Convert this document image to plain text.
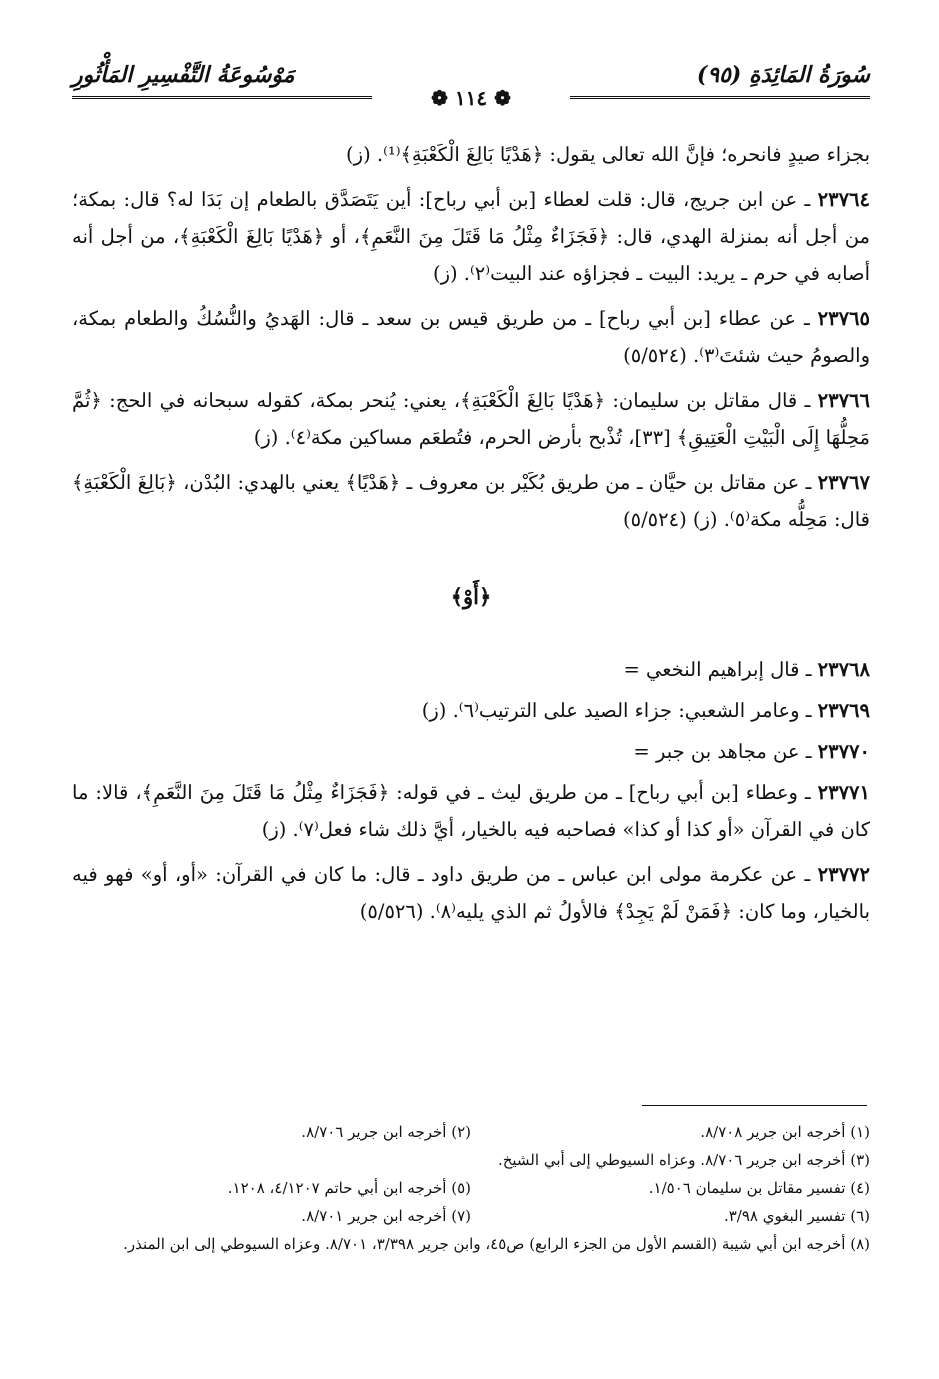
سُورَةُ المَائِدَةِ (٩٥)
مَوْسُوعَةُ التَّفْسِيرِ المَأْثُورِ
❁ ١١٤ ❁

بجزاء صيدٍ فانحره؛ فإنَّ الله تعالى يقول: ﴿هَدْيًا بَالِغَ الْكَعْبَةِ﴾⁽¹⁾. (ز)

٢٣٧٦٤ ـ عن ابن جريج، قال: قلت لعطاء [بن أبي رباح]: أين يَتَصَدَّق بالطعام إن بَدَا له؟ قال: بمكة؛ من أجل أنه بمنزلة الهدي، قال: ﴿فَجَزَاءٌ مِثْلُ مَا قَتَلَ مِنَ النَّعَمِ﴾، أو ﴿هَدْيًا بَالِغَ الْكَعْبَةِ﴾، من أجل أنه أصابه في حرم ـ يريد: البيت ـ فجزاؤه عند البيت⁽٢⁾. (ز)

٢٣٧٦٥ ـ عن عطاء [بن أبي رباح] ـ من طريق قيس بن سعد ـ قال: الهَديُ والنُّسُكُ والطعام بمكة، والصومُ حيث شئتَ⁽٣⁾. (٥/٥٢٤)

٢٣٧٦٦ ـ قال مقاتل بن سليمان: ﴿هَدْيًا بَالِغَ الْكَعْبَةِ﴾، يعني: يُنحر بمكة، كقوله سبحانه في الحج: ﴿ثُمَّ مَحِلُّهَا إِلَى الْبَيْتِ الْعَتِيقِ﴾ [٣٣]، تُذْبح بأرض الحرم، فتُطعَم مساكين مكة⁽٤⁾. (ز)

٢٣٧٦٧ ـ عن مقاتل بن حيَّان ـ من طريق بُكَيْر بن معروف ـ ﴿هَدْيًا﴾ يعني بالهدي: البُدْن، ﴿بَالِغَ الْكَعْبَةِ﴾ قال: مَحِلُّه مكة⁽٥⁾. (ز) (٥/٥٢٤)

﴿أَوْ﴾

٢٣٧٦٨ ـ قال إبراهيم النخعي =

٢٣٧٦٩ ـ وعامر الشعبي: جزاء الصيد على الترتيب⁽٦⁾. (ز)

٢٣٧٧٠ ـ عن مجاهد بن جبر =

٢٣٧٧١ ـ وعطاء [بن أبي رباح] ـ من طريق ليث ـ في قوله: ﴿فَجَزَاءٌ مِثْلُ مَا قَتَلَ مِنَ النَّعَمِ﴾، قالا: ما كان في القرآن «أو كذا أو كذا» فصاحبه فيه بالخيار، أيَّ ذلك شاء فعل⁽٧⁾. (ز)

٢٣٧٧٢ ـ عن عكرمة مولى ابن عباس ـ من طريق داود ـ قال: ما كان في القرآن: «أو، أو» فهو فيه بالخيار، وما كان: ﴿فَمَنْ لَمْ يَجِدْ﴾ فالأولُ ثم الذي يليه⁽٨⁾. (٥/٥٢٦)

(١) أخرجه ابن جرير ٨/٧٠٨.
(٢) أخرجه ابن جرير ٨/٧٠٦.
(٣) أخرجه ابن جرير ٨/٧٠٦. وعزاه السيوطي إلى أبي الشيخ.
(٤) تفسير مقاتل بن سليمان ١/٥٠٦.
(٥) أخرجه ابن أبي حاتم ٤/١٢٠٧، ١٢٠٨.
(٦) تفسير البغوي ٣/٩٨.
(٧) أخرجه ابن جرير ٨/٧٠١.
(٨) أخرجه ابن أبي شيبة (القسم الأول من الجزء الرابع) ص٤٥، وابن جرير ٣/٣٩٨، ٨/٧٠١. وعزاه السيوطي إلى ابن المنذر.
